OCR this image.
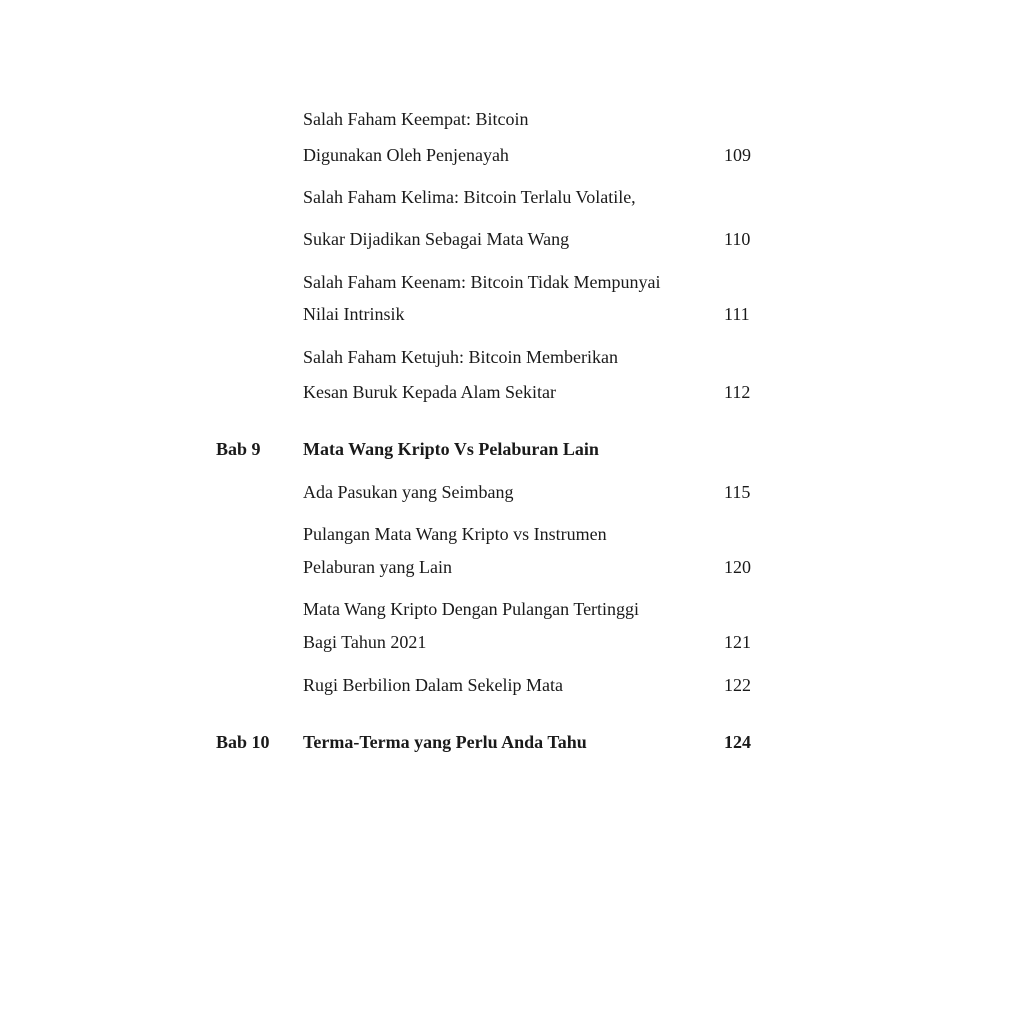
Salah Faham Keempat: Bitcoin
Digunakan Oleh Penjenayah	109
Salah Faham Kelima: Bitcoin Terlalu Volatile,
Sukar Dijadikan Sebagai Mata Wang	110
Salah Faham Keenam: Bitcoin Tidak Mempunyai
Nilai Intrinsik	111
Salah Faham Ketujuh: Bitcoin Memberikan
Kesan Buruk Kepada Alam Sekitar	112
Bab 9 Mata Wang Kripto Vs Pelaburan Lain
Ada Pasukan yang Seimbang	115
Pulangan Mata Wang Kripto vs Instrumen
Pelaburan yang Lain	120
Mata Wang Kripto Dengan Pulangan Tertinggi
Bagi Tahun 2021	121
Rugi Berbilion Dalam Sekelip Mata	122
Bab 10 Terma-Terma yang Perlu Anda Tahu	124
